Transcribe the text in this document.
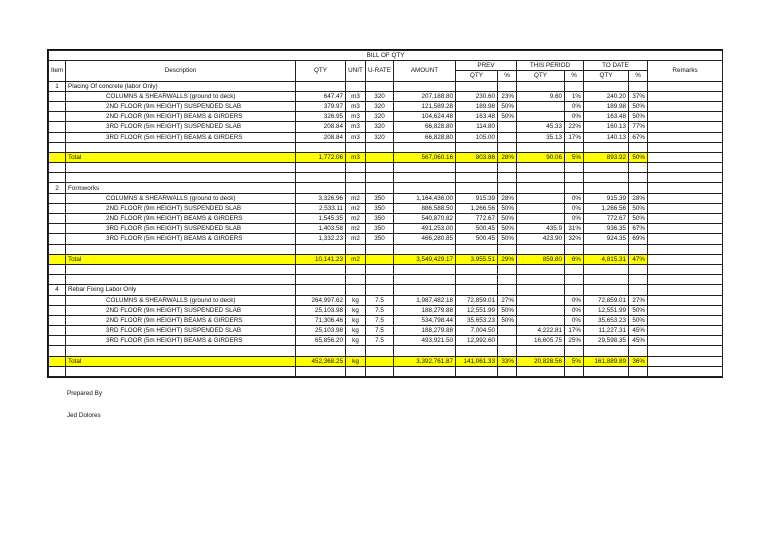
BILL OF QTY												
Item	Description	QTY	UNIT	U-RATE	AMOUNT	PREV		THIS PERIOD		TO DATE		Remarks
						QTY	%	QTY	%	QTY	%	
1	Placing Of concrete (labor Only)											
	COLUMNS & SHEARWALLS (ground to deck)	647.47	m3	320	207,188.80	230.60	23%	9.60	1%	240.20	37%	
	2ND FLOOR (9m HEIGHT) SUSPENDED SLAB	379.97	m3	320	121,589.28	189.98	50%		0%	189.98	50%	
	2ND FLOOR (9m HEIGHT) BEAMS & GIRDERS	326.95	m3	320	104,624.48	163.48	50%		0%	163.48	50%	
	3RD FLOOR (5m HEIGHT) SUSPENDED SLAB	208.84	m3	320	66,828.80	114.80		45.33	22%	160.13	77%	
	3RD FLOOR (5m HEIGHT) BEAMS & GIRDERS	208.84	m3	320	66,828.80	105.00		35.13	17%	140.13	67%	

	Total	1,772.06	m3		567,060.16	803.86	28%	90.06	5%	893.92	50%	

2	Formworks											
	COLUMNS & SHEARWALLS (ground to deck)	3,326.96	m2	350	1,164,436.00	915.39	28%		0%	915.39	28%	
	2ND FLOOR (9m HEIGHT) SUSPENDED SLAB	2,533.11	m2	350	886,588.50	1,266.56	50%		0%	1,266.56	50%	
	2ND FLOOR (9m HEIGHT) BEAMS & GIRDERS	1,545.35	m2	350	540,870.82	772.67	50%		0%	772.67	50%	
	3RD FLOOR (5m HEIGHT) SUSPENDED SLAB	1,403.58	m2	350	491,253.00	500.45	50%	435.9	31%	936.35	67%	
	3RD FLOOR (5m HEIGHT) BEAMS & GIRDERS	1,332.23	m2	350	466,280.85	500.45	50%	423.90	32%	924.35	69%	

	Total	10,141.23	m2		3,549,429.17	3,955.51	29%	859.80	6%	4,815.31	47%	

4	Rebar Fixing Labor Only											
	COLUMNS & SHEARWALLS (ground to deck)	264,997.62	kg	7.5	1,987,482.18	72,859.01	27%		0%	72,859.01	27%	
	2ND FLOOR (9m HEIGHT) SUSPENDED SLAB	25,103.98	kg	7.5	188,279.88	12,551.99	50%		0%	12,551.99	50%	
	2ND FLOOR (9m HEIGHT) BEAMS & GIRDERS	71,306.46	kg	7.5	534,798.44	35,653.23	50%		0%	35,653.23	50%	
	3RD FLOOR (5m HEIGHT) SUSPENDED SLAB	25,103.98	kg	7.5	188,279.88	7,004.50		4,222.81	17%	11,227.31	45%	
	3RD FLOOR (5m HEIGHT) BEAMS & GIRDERS	65,856.20	kg	7.5	493,921.50	12,992.60		16,605.75	25%	29,598.35	45%	

	Total	452,368.25	kg		3,392,761.87	141,061.33	33%	20,828.56	5%	161,889.89	36%	

Prepared By
Jed Dolores
